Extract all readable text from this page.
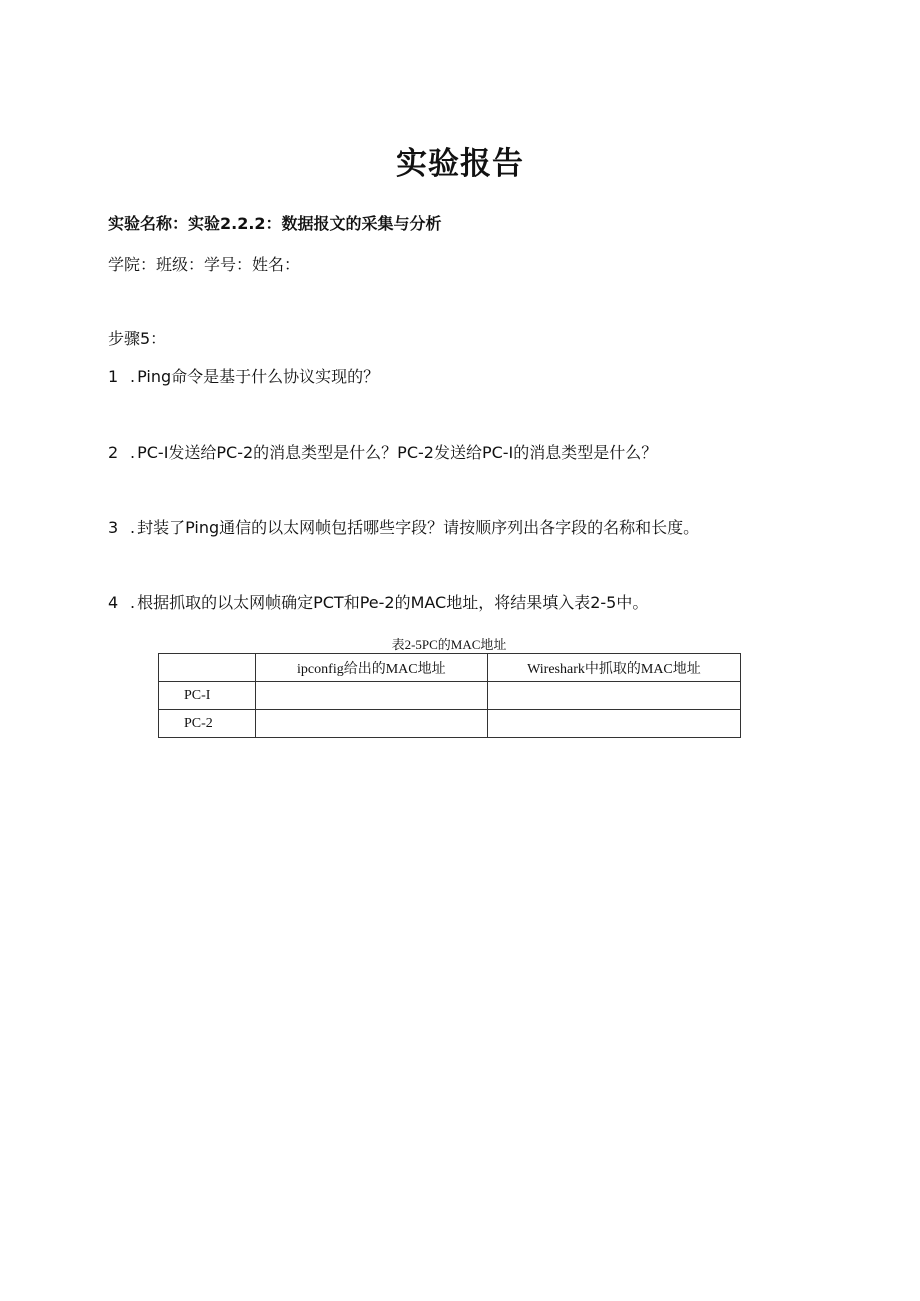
实验报告
实验名称：实验2.2.2：数据报文的采集与分析
学院：班级：学号：姓名：
步骤5：
1 . Ping命令是基于什么协议实现的？
2 . PC-I发送给PC-2的消息类型是什么？PC-2发送给PC-I的消息类型是什么？
3 . 封装了Ping通信的以太网帧包括哪些字段？请按顺序列出各字段的名称和长度。
4 . 根据抓取的以太网帧确定PCT和Pe-2的MAC地址，将结果填入表2-5中。
表2-5PC的MAC地址
	ipconfig给出的MAC地址	Wireshark中抓取的MAC地址
PC-I		
PC-2		
